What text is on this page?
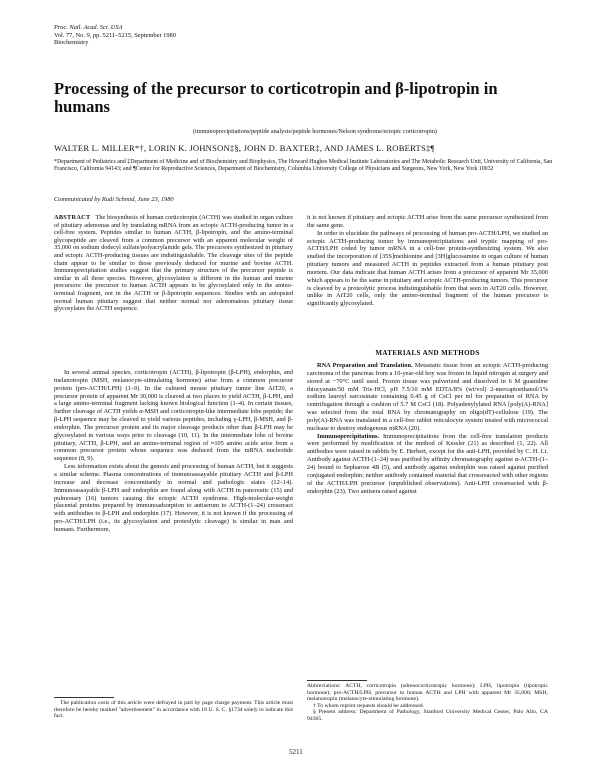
Proc. Natl. Acad. Sci. USA
Vol. 77, No. 9, pp. 5211–5215, September 1980
Biochemistry
Processing of the precursor to corticotropin and β-lipotropin in humans
(immunoprecipitations/peptide analysis/peptide hormones/Nelson syndrome/ectopic corticotropin)
WALTER L. MILLER*†, LORIN K. JOHNSON‡§, JOHN D. BAXTER‡, AND JAMES L. ROBERTS‡¶
*Department of Pediatrics and ‡Department of Medicine and of Biochemistry and Biophysics, The Howard Hughes Medical Institute Laboratories and The Metabolic Research Unit, University of California, San Francisco, California 94143; and ¶Center for Reproductive Sciences, Department of Biochemistry, Columbia University College of Physicians and Surgeons, New York, New York 10032
Communicated by Rudi Schmid, June 23, 1980

ABSTRACT The biosynthesis of human corticotropin (ACTH) was studied in organ culture of pituitary adenomas and by translating mRNA from an ectopic ACTH-producing tumor in a cell-free system. Peptides similar to human ACTH, β-lipotropin, and the amino-terminal glycopeptide are cleaved from a common precursor with an apparent molecular weight of 35,000 on sodium dodecyl sulfate/polyacrylamide gels. The precursors synthesized in pituitary and ectopic ACTH-producing tissues are indistinguishable. The cleavage sites of the peptide chain appear to be similar to those previously deduced for murine and bovine ACTH. Immunoprecipitation studies suggest that the primary structure of the precursor peptide is similar in all three species. However, glycosylation is different in the human and murine precursors: the precursor to human ACTH appears to be glycosylated only in the amino-terminal fragment, not in the ACTH or β-lipotropin sequences. Studies with an autopsied normal human pituitary suggest that neither normal nor adenomatous pituitary tissue glycosylates the ACTH sequence.

In several animal species, corticotropin (ACTH), β-lipotropin (β-LPH), endorphin, and melanotropin (MSH, melanocyte-stimulating hormone) arise from a common precursor protein (pro-ACTH/LPH) (1–9). In the cultured mouse pituitary tumor line AtT20, a precursor protein of apparent Mr 30,000 is cleaved at two places to yield ACTH, β-LPH, and a large amino-terminal fragment lacking known biological function (1–4). In certain tissues, further cleavage of ACTH yields α-MSH and corticotropin-like intermediate lobe peptide; the β-LPH sequence may be cleaved to yield various peptides, including γ-LPH, β-MSH, and β-endorphin. The precursor protein and its major cleavage products other than β-LPH may be glycosylated in various ways prior to cleavage (10, 11). In the intermediate lobe of bovine pituitary, ACTH, β-LPH, and an amino-terminal region of ≈105 amino acids arise from a common precursor protein whose sequence was deduced from the mRNA nucleotide sequence (8, 9).

Less information exists about the genesis and processing of human ACTH, but it suggests a similar scheme. Plasma concentrations of immunoassayable pituitary ACTH and β-LPH increase and decrease concomitantly in normal and pathologic states (12–14). Immunoassayable β-LPH and endorphin are found along with ACTH in pancreatic (15) and pulmonary (16) tumors causing the ectopic ACTH syndrome. High-molecular-weight placental proteins prepared by immunoadsorption to antiserum to ACTH-(1–24) crossreact with antibodies to β-LPH and endorphin (17). However, it is not known if the processing of pro-ACTH/LPH (i.e., its glycosylation and proteolytic cleavage) is similar in man and humans. Furthermore,

The publication costs of this article were defrayed in part by page charge payment. This article must therefore be hereby marked "advertisement" in accordance with 18 U. S. C. §1734 solely to indicate this fact.

it is not known if pituitary and ectopic ACTH arise from the same precursor synthesized from the same gene.

In order to elucidate the pathways of processing of human pro-ACTH/LPH, we studied an ectopic ACTH-producing tumor by immunoprecipitations and tryptic mapping of pro-ACTH/LPH coded by tumor mRNA in a cell-free protein-synthesizing system. We also studied the incorporation of [35S]methionine and [3H]glucosamine in organ culture of human pituitary tumors and measured ACTH in peptides extracted from a human pituitary post mortem. Our data indicate that human ACTH arises from a precursor of apparent Mr 35,000 which appears to be the same in pituitary and ectopic ACTH-producing tumors. This precursor is cleaved by a proteolytic process indistinguishable from that seen in AtT20 cells. However, unlike in AtT20 cells, only the amino-terminal fragment of the human precursor is significantly glycosylated.

MATERIALS AND METHODS

RNA Preparation and Translation. Metastatic tissue from an ectopic ACTH-producing carcinoma of the pancreas from a 10-year-old boy was frozen in liquid nitrogen at surgery and stored at −70°C until used. Frozen tissue was pulverized and dissolved in 6 M guanidine thiocyanate/50 mM Tris·HCl, pH 7.5/10 mM EDTA/8% (wt/vol) 2-mercaptoethanol/1% sodium lauroyl sarcosinate containing 0.45 g of CsCl per ml for preparation of RNA by centrifugation through a cushion of 5.7 M CsCl (18). Polyadenylylated RNA [poly(A)-RNA] was selected from the total RNA by chromatography on oligo(dT)-cellulose (19). The poly(A)-RNA was translated in a cell-free rabbit reticulocyte system treated with micrococcal nuclease to destroy endogenous mRNA (20).

Immunoprecipitations. Immunoprecipitations from the cell-free translation products were performed by modification of the method of Kessler (21) as described (1, 22). All antibodies were raised in rabbits by E. Herbert, except for the anti-LPH, provided by C. H. Li. Antibody against ACTH-(1–24) was purified by affinity chromatography against α-ACTH-(1–24) bound to Sepharose 4B (5), and antibody against endorphin was raised against purified conjugated endorphin; neither antibody contained material that crossreacted with other regions of the ACTH/LPH precursor (unpublished observations). Anti-LPH crossreacted with β-endorphin (23). Two antisera raised against

Abbreviations: ACTH, corticotropin (adrenocorticotropic hormone); LPH, lipotropin (lipotropic hormone); pro-ACTH/LPH, precursor to human ACTH and LPH with apparent Mr 35,000; MSH, melanotropin (melanocyte-stimulating hormone).

† To whom reprint requests should be addressed.

§ Present address: Department of Pathology, Stanford University Medical Center, Palo Alto, CA 94305.

5211
